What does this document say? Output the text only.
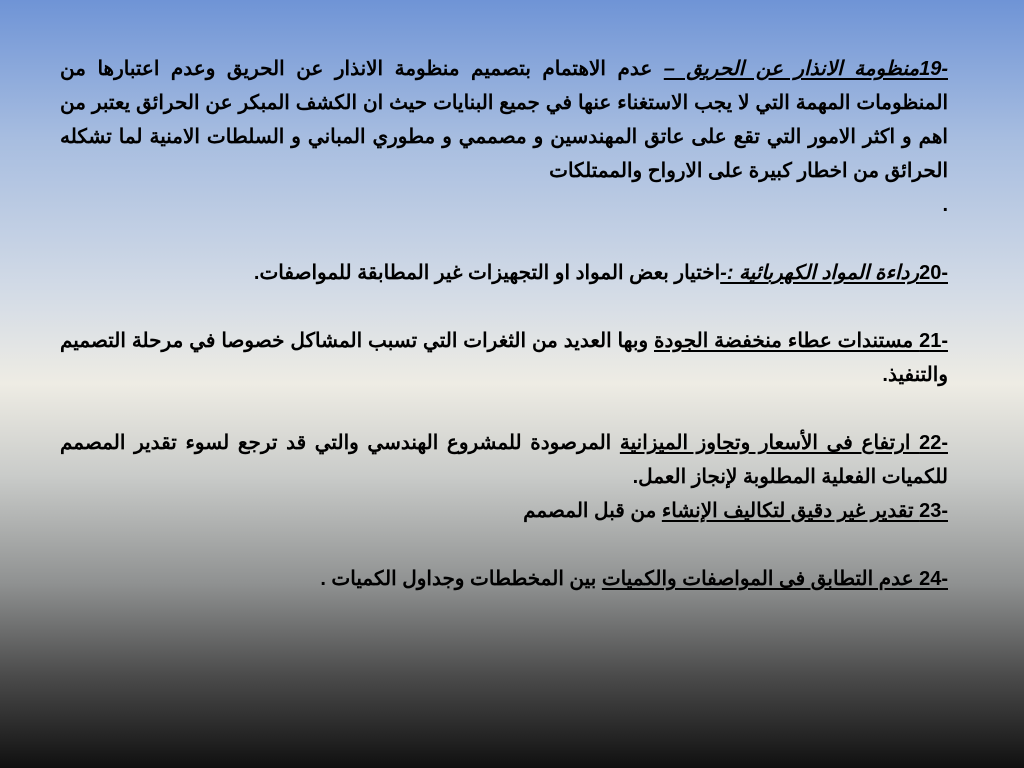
19-منظومة الانذار عن الحريق – عدم الاهتمام بتصميم منظومة الانذار عن الحريق وعدم اعتبارها من المنظومات المهمة التي لا يجب الاستغناء عنها في جميع البنايات حيث ان الكشف المبكر عن الحرائق يعتبر من اهم و اكثر الامور التي تقع على عاتق المهندسين و مصممي و مطوري المباني و السلطات الامنية لما تشكله الحرائق من اخطار كبيرة على الارواح والممتلكات
.

20-رداءة المواد الكهربائية :-اختيار بعض المواد او التجهيزات غير المطابقة للمواصفات.

21- مستندات عطاء منخفضة الجودة وبها العديد من الثغرات التي تسبب المشاكل خصوصا في مرحلة التصميم والتنفيذ.

22- ارتفاع فى الأسعار وتجاوز الميزانية المرصودة للمشروع الهندسي والتي قد ترجع لسوء تقدير المصمم للكميات الفعلية المطلوبة لإنجاز العمل.

23- تقدير غير دقيق لتكاليف الإنشاء من قبل المصمم

24- عدم التطابق فى المواصفات والكميات بين المخططات وجداول الكميات .
